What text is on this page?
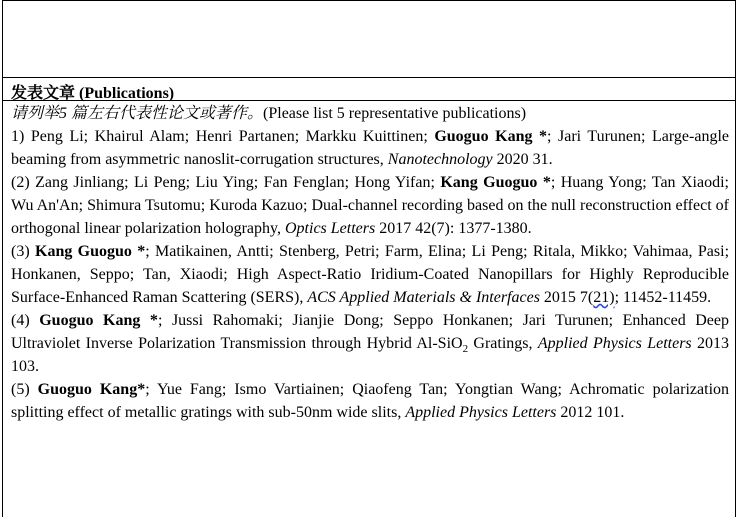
发表文章 (Publications)
请列举5 篇左右代表性论文或著作。(Please list 5 representative publications)
1) Peng Li; Khairul Alam; Henri Partanen; Markku Kuittinen; Guoguo Kang *; Jari Turunen; Large-angle beaming from asymmetric nanoslit-corrugation structures, Nanotechnology 2020 31.
(2) Zang Jinliang; Li Peng; Liu Ying; Fan Fenglan; Hong Yifan; Kang Guoguo *; Huang Yong; Tan Xiaodi; Wu An'An; Shimura Tsutomu; Kuroda Kazuo; Dual-channel recording based on the null reconstruction effect of orthogonal linear polarization holography, Optics Letters 2017 42(7): 1377-1380.
(3) Kang Guoguo *; Matikainen, Antti; Stenberg, Petri; Farm, Elina; Li Peng; Ritala, Mikko; Vahimaa, Pasi; Honkanen, Seppo; Tan, Xiaodi; High Aspect-Ratio Iridium-Coated Nanopillars for Highly Reproducible Surface-Enhanced Raman Scattering (SERS), ACS Applied Materials & Interfaces 2015 7(21); 11452-11459.
(4) Guoguo Kang *; Jussi Rahomaki; Jianjie Dong; Seppo Honkanen; Jari Turunen; Enhanced Deep Ultraviolet Inverse Polarization Transmission through Hybrid Al-SiO$_2$ Gratings, Applied Physics Letters 2013 103.
(5) Guoguo Kang*; Yue Fang; Ismo Vartiainen; Qiaofeng Tan; Yongtian Wang; Achromatic polarization splitting effect of metallic gratings with sub-50nm wide slits, Applied Physics Letters 2012 101.
